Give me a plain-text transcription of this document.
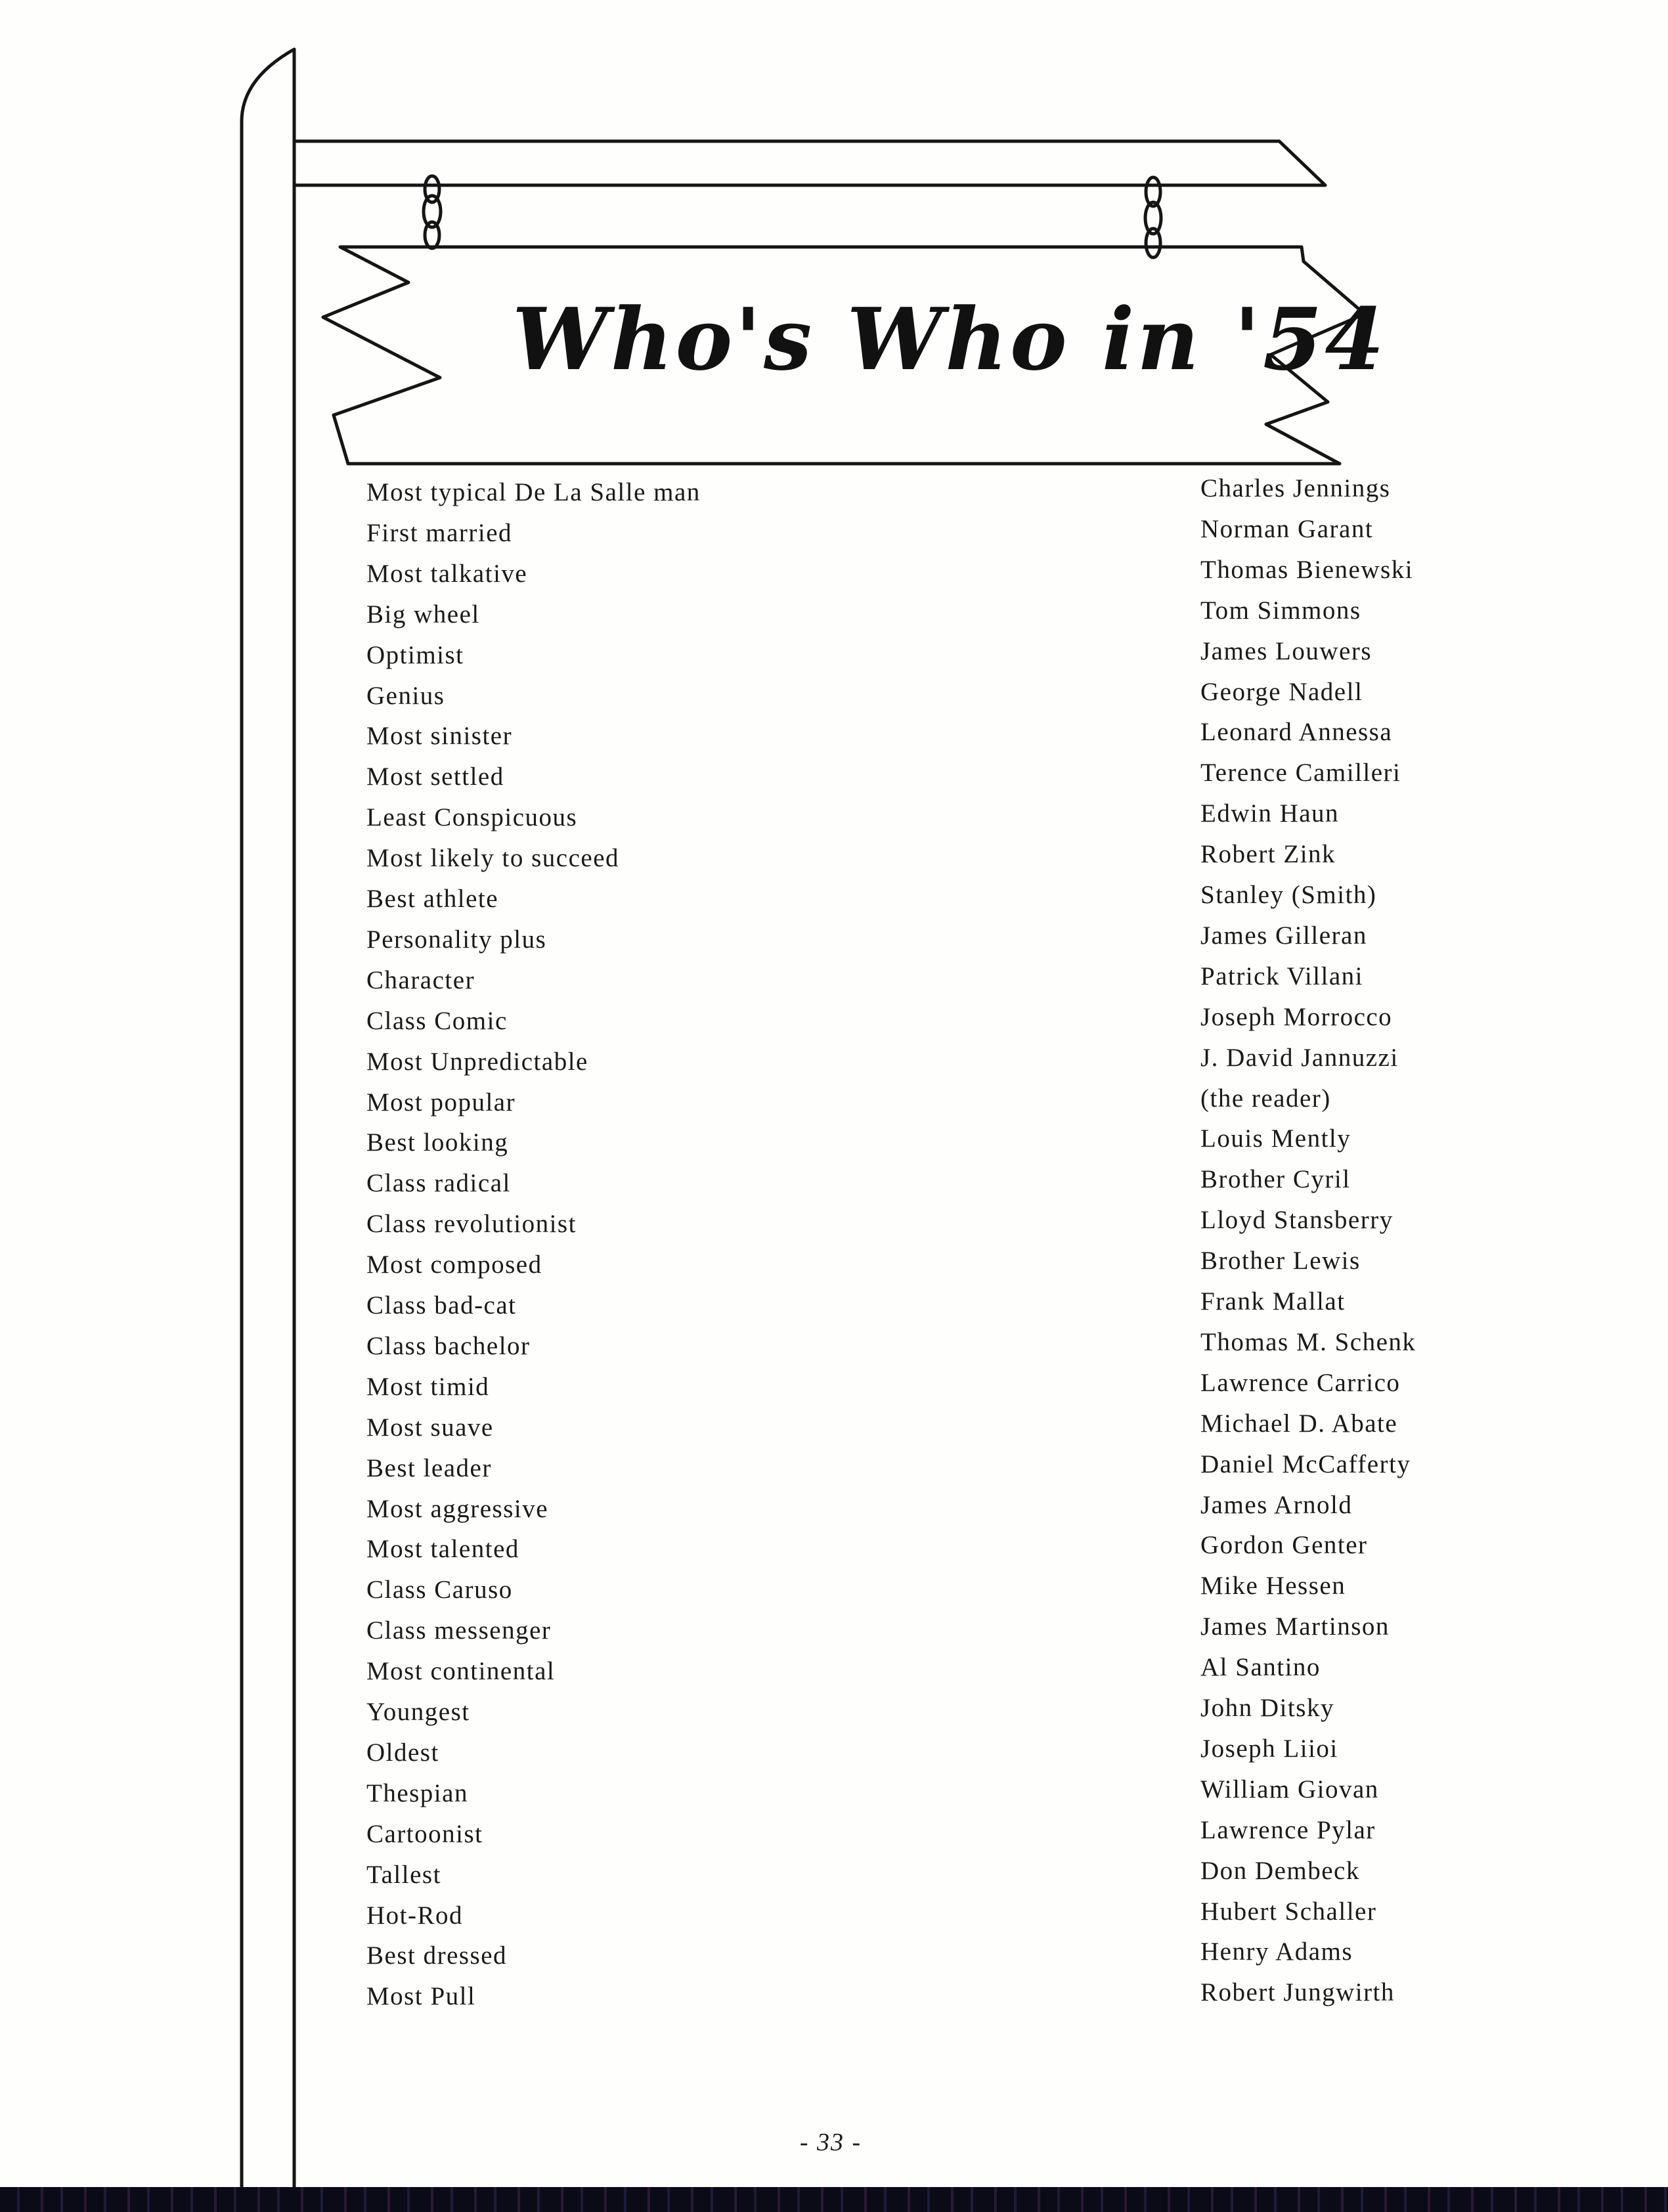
Who's Who in '54
Most typical De La Salle man	Charles Jennings
First married	Norman Garant
Most talkative	Thomas Bienewski
Big wheel	Tom Simmons
Optimist	James Louwers
Genius	George Nadell
Most sinister	Leonard Annessa
Most settled	Terence Camilleri
Least Conspicuous	Edwin Haun
Most likely to succeed	Robert Zink
Best athlete	Stanley (Smith)
Personality plus	James Gilleran
Character	Patrick Villani
Class Comic	Joseph Morrocco
Most Unpredictable	J. David Jannuzzi
Most popular	(the reader)
Best looking	Louis Mently
Class radical	Brother Cyril
Class revolutionist	Lloyd Stansberry
Most composed	Brother Lewis
Class bad-cat	Frank Mallat
Class bachelor	Thomas M. Schenk
Most timid	Lawrence Carrico
Most suave	Michael D. Abate
Best leader	Daniel McCafferty
Most aggressive	James Arnold
Most talented	Gordon Genter
Class Caruso	Mike Hessen
Class messenger	James Martinson
Most continental	Al Santino
Youngest	John Ditsky
Oldest	Joseph Liioi
Thespian	William Giovan
Cartoonist	Lawrence Pylar
Tallest	Don Dembeck
Hot-Rod	Hubert Schaller
Best dressed	Henry Adams
Most Pull	Robert Jungwirth
- 33 -
